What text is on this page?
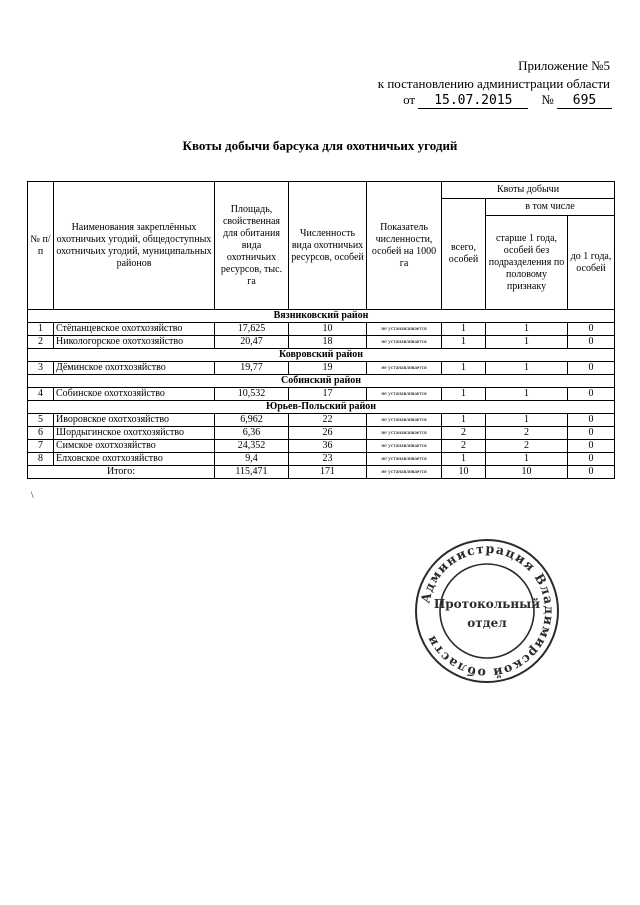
Приложение №5
к постановлению администрации области
от 15.07.2015 № 695
Квоты добычи барсука для охотничьих угодий
№ п/п	Наименования закреплённых охотничьих угодий, общедоступных охотничьих угодий, муниципальных районов	Площадь, свойственная для обитания вида охотничьих ресурсов, тыс. га	Численность вида охотничьих ресурсов, особей	Показатель численности, особей на 1000 га	Квоты добычи		
					всего, особей	в том числе	
						старше 1 года, особей без подразделения по половому признаку	до 1 года, особей
Вязниковский район							
1	Стёпанцевское охотхозяйство	17,625	10	не устанавливается	1	1	0
2	Никологорское охотхозяйство	20,47	18	не устанавливается	1	1	0
Ковровский район							
3	Дёминское охотхозяйство	19,77	19	не устанавливается	1	1	0
Собинский район							
4	Собинское охотхозяйство	10,532	17	не устанавливается	1	1	0
Юрьев-Польский район							
5	Иворовское охотхозяйство	6,962	22	не устанавливается	1	1	0
6	Шордыгинское охотхозяйство	6,36	26	не устанавливается	2	2	0
7	Симское охотхозяйство	24,352	36	не устанавливается	2	2	0
8	Елховское охотхозяйство	9,4	23	не устанавливается	1	1	0
Итого:		115,471	171	не устанавливается	10	10	0
\
Администрация Владимирской области
Протокольный
отдел
